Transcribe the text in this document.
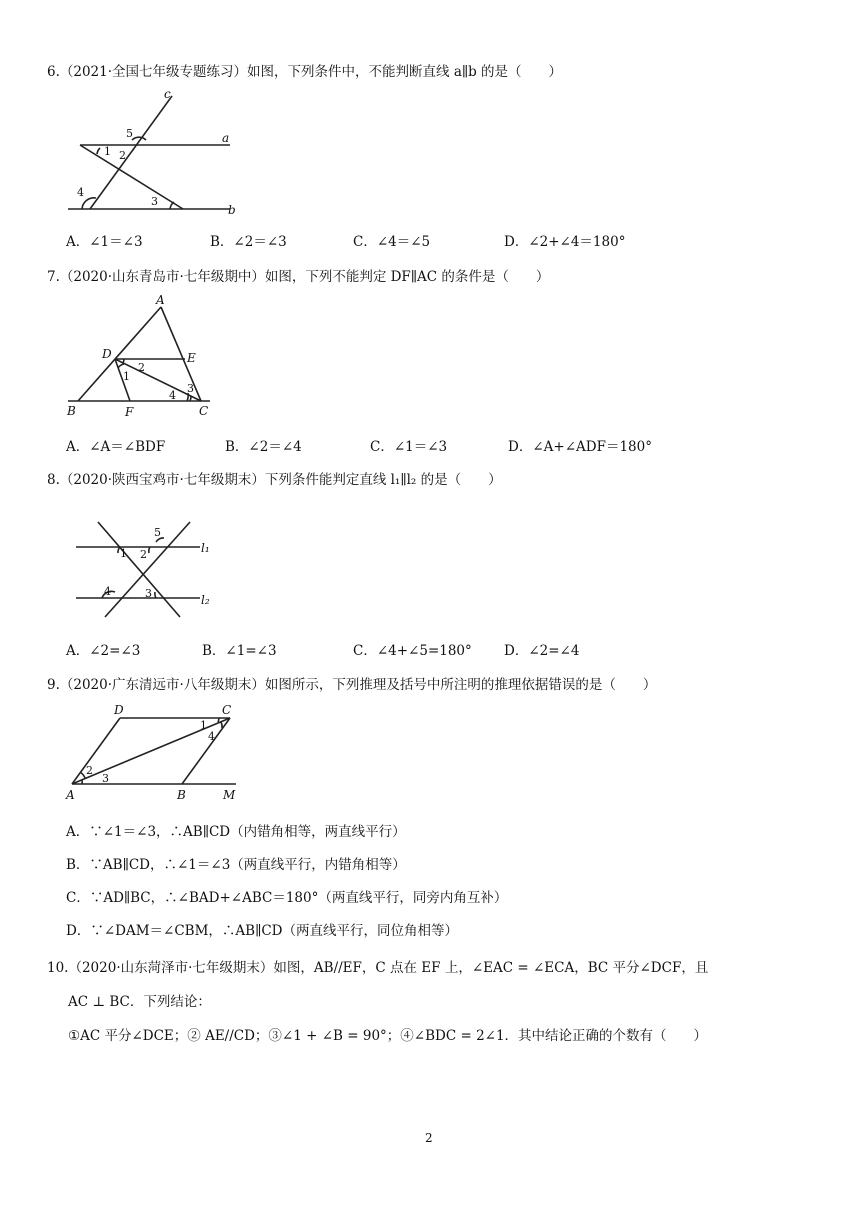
6.（2021·全国七年级专题练习）如图，下列条件中，不能判断直线 a∥b 的是（　　）
c
a
b
5
1 2
4
3
A．∠1＝∠3	B．∠2＝∠3	C．∠4＝∠5	D．∠2+∠4＝180°
7.（2020·山东青岛市·七年级期中）如图，下列不能判定 DF∥AC 的条件是（　　）
A
D	E
B	F	C
1
2
3
4
A．∠A＝∠BDF	B．∠2＝∠4	C．∠1＝∠3	D．∠A+∠ADF＝180°
8.（2020·陕西宝鸡市·七年级期末）下列条件能判定直线 l₁∥l₂ 的是（　　）
5
1 2
4	3
l₁
l₂
A．∠2=∠3	B．∠1=∠3	C．∠4+∠5=180° D．∠2=∠4
9.（2020·广东清远市·八年级期末）如图所示，下列推理及括号中所注明的推理依据错误的是（　　）
D	C
A	B	M
1
2
3
4
A．∵∠1＝∠3，∴AB∥CD（内错角相等，两直线平行）
B．∵AB∥CD，∴∠1＝∠3（两直线平行，内错角相等）
C．∵AD∥BC，∴∠BAD+∠ABC＝180°（两直线平行，同旁内角互补）
D．∵∠DAM＝∠CBM，∴AB∥CD（两直线平行，同位角相等）
10.（2020·山东菏泽市·七年级期末）如图，AB//EF，C 点在 EF 上，∠EAC = ∠ECA，BC 平分∠DCF，且
AC ⊥ BC．下列结论：
①AC 平分∠DCE；② AE//CD；③∠1 + ∠B = 90°；④∠BDC = 2∠1．其中结论正确的个数有（　　）
2
